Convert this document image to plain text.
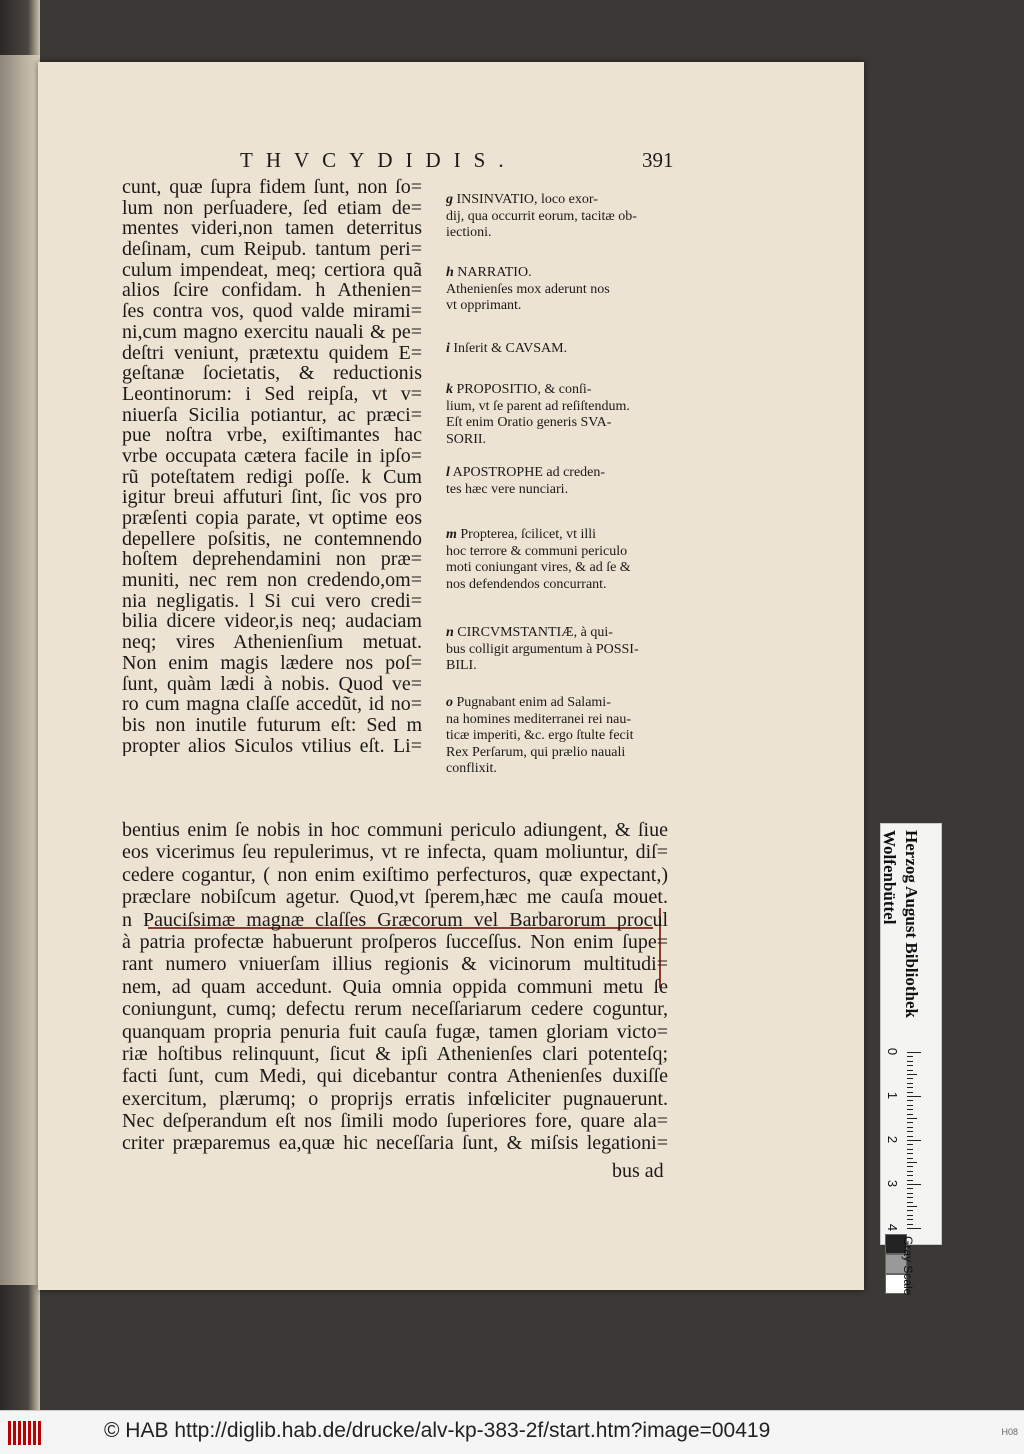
THVCYDIDIS.	391
cunt, quæ ſupra fidem ſunt, non ſo=
lum non perſuadere, ſed etiam de=
mentes videri,non tamen deterritus
deſinam, cum Reipub. tantum peri=
culum impendeat, meq; certiora quã
alios ſcire confidam. h Athenien=
ſes contra vos, quod valde mirami=
ni,cum magno exercitu nauali & pe=
deſtri veniunt, prætextu quidem E=
geſtanæ ſocietatis, & reductionis
Leontinorum: i Sed reipſa, vt v=
niuerſa Sicilia potiantur, ac præci=
pue noſtra vrbe, exiſtimantes hac
vrbe occupata cætera facile in ipſo=
rũ poteſtatem redigi poſſe. k Cum
igitur breui affuturi ſint, ſic vos pro
præſenti copia parate, vt optime eos
depellere poſsitis, ne contemnendo
hoſtem deprehendamini non præ=
muniti, nec rem non credendo,om=
nia negligatis. l Si cui vero credi=
bilia dicere videor,is neq; audaciam
neq; vires Athenienſium metuat.
Non enim magis lædere nos poſ=
ſunt, quàm lædi à nobis. Quod ve=
ro cum magna claſſe accedũt, id no=
bis non inutile futurum eſt: Sed m
propter alios Siculos vtilius eſt. Li=
g INSINVATIO, loco exor-
dij, qua occurrit eorum, tacitæ ob-
iectioni.
h NARRATIO.
Athenienſes mox aderunt nos
vt opprimant.
i Inſerit & CAVSAM.
k PROPOSITIO, & conſi-
lium, vt ſe parent ad reſiſtendum.
Eſt enim Oratio generis SVA-
SORII.
l APOSTROPHE ad creden-
tes hæc vere nunciari.
m Propterea, ſcilicet, vt illi
hoc terrore & communi periculo
moti coniungant vires, & ad ſe &
nos defendendos concurrant.
n CIRCVMSTANTIÆ, à qui-
bus colligit argumentum à POSSI-
BILI.
o Pugnabant enim ad Salami-
na homines mediterranei rei nau-
ticæ imperiti, &c. ergo ſtulte fecit
Rex Perſarum, qui prælio nauali
conflixit.
bentius enim ſe nobis in hoc communi periculo adiungent, & ſiue
eos vicerimus ſeu repulerimus, vt re infecta, quam moliuntur, diſ=
cedere cogantur, ( non enim exiſtimo perfecturos, quæ expectant,)
præclare nobiſcum agetur. Quod,vt ſperem,hæc me cauſa mouet.
n Pauciſsimæ magnæ claſſes Græcorum vel Barbarorum procul
à patria profectæ habuerunt proſperos ſucceſſus. Non enim ſupe=
rant numero vniuerſam illius regionis & vicinorum multitudi=
nem, ad quam accedunt. Quia omnia oppida communi metu ſe
coniungunt, cumq; defectu rerum neceſſariarum cedere coguntur,
quanquam propria penuria fuit cauſa fugæ, tamen gloriam victo=
riæ hoſtibus relinquunt, ſicut & ipſi Athenienſes clari potenteſq;
facti ſunt, cum Medi, qui dicebantur contra Athenienſes duxiſſe
exercitum, plærumq; o proprijs erratis infœliciter pugnauerunt.
Nec deſperandum eſt nos ſimili modo ſuperiores fore, quare ala=
criter præparemus ea,quæ hic neceſſaria ſunt, & miſsis legationi=
bus ad
Herzog August Bibliothek
Wolfenbüttel
0
1
2
3
4
Gray Scale
© HAB http://diglib.hab.de/drucke/alv-kp-383-2f/start.htm?image=00419	H08
